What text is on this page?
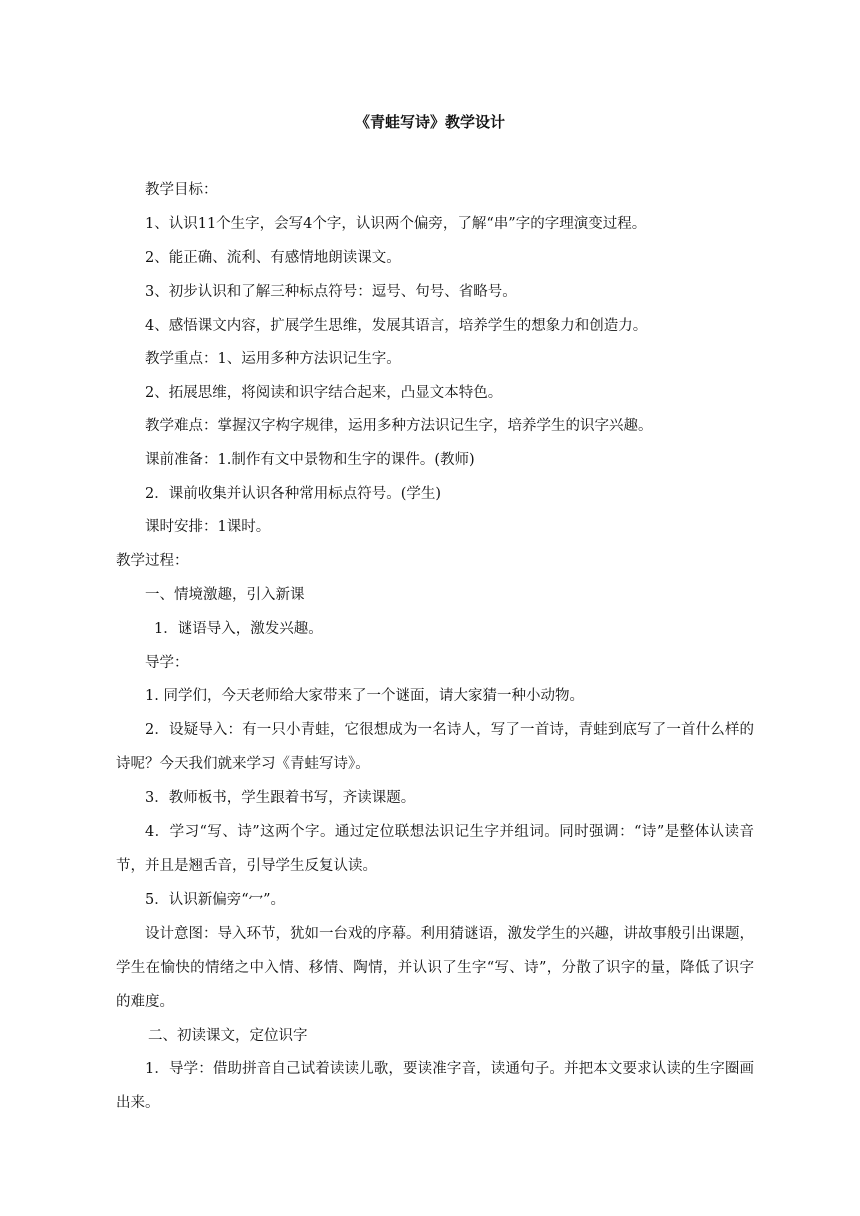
《青蛙写诗》教学设计
教学目标：
1、认识11个生字，会写4个字，认识两个偏旁，了解“串”字的字理演变过程。
2、能正确、流利、有感情地朗读课文。
3、初步认识和了解三种标点符号：逗号、句号、省略号。
4、感悟课文内容，扩展学生思维，发展其语言，培养学生的想象力和创造力。
教学重点：1、运用多种方法识记生字。
2、拓展思维，将阅读和识字结合起来，凸显文本特色。
教学难点：掌握汉字构字规律，运用多种方法识记生字，培养学生的识字兴趣。
课前准备：1.制作有文中景物和生字的课件。(教师)
2．课前收集并认识各种常用标点符号。(学生)
课时安排：1课时。
教学过程：
一、情境激趣，引入新课
1．谜语导入，激发兴趣。
导学：
1. 同学们，今天老师给大家带来了一个谜面，请大家猜一种小动物。
2．设疑导入：有一只小青蛙，它很想成为一名诗人，写了一首诗，青蛙到底写了一首什么样的诗呢？今天我们就来学习《青蛙写诗》。
3．教师板书，学生跟着书写，齐读课题。
4．学习“写、诗”这两个字。通过定位联想法识记生字并组词。同时强调：“诗”是整体认读音节，并且是翘舌音，引导学生反复认读。
5．认识新偏旁“冖”。
设计意图：导入环节，犹如一台戏的序幕。利用猜谜语，激发学生的兴趣，讲故事般引出课题，学生在愉快的情绪之中入情、移情、陶情，并认识了生字“写、诗”，分散了识字的量，降低了识字的难度。
二、初读课文，定位识字
1．导学：借助拼音自己试着读读儿歌，要读准字音，读通句子。并把本文要求认读的生字圈画出来。
